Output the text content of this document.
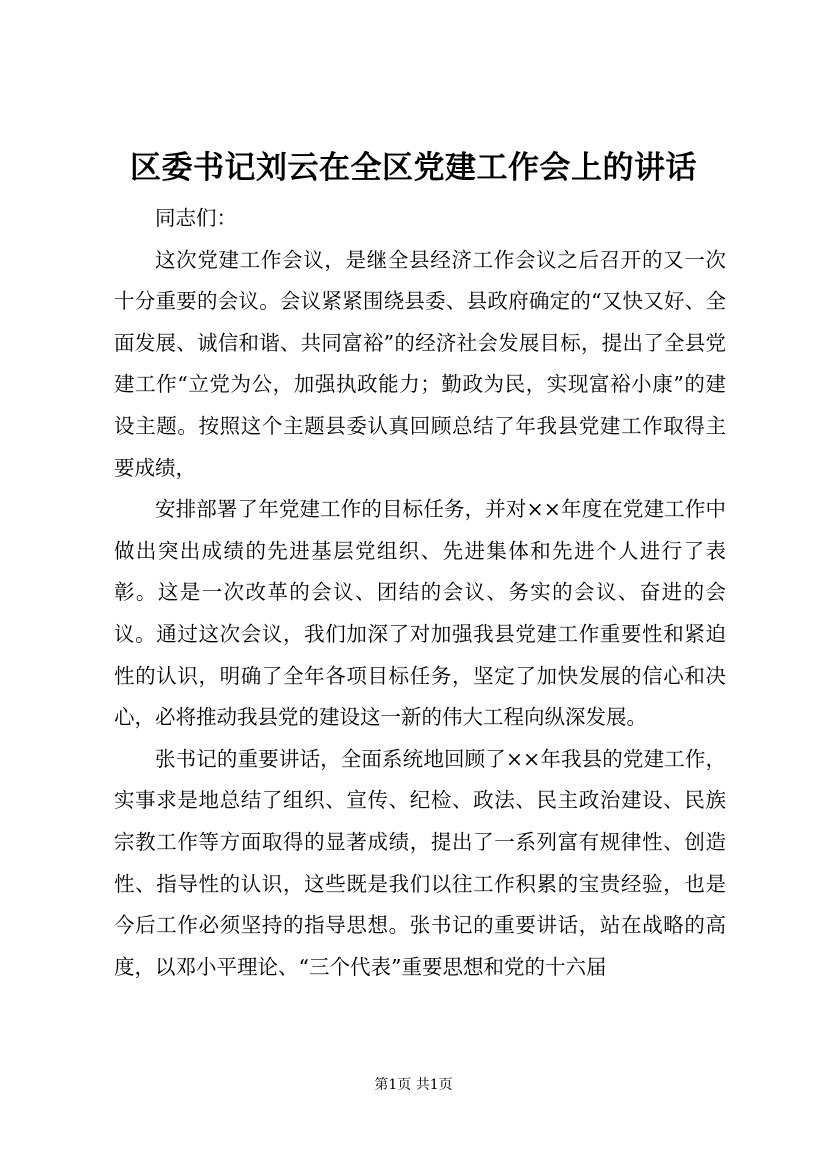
区委书记刘云在全区党建工作会上的讲话

同志们：

这次党建工作会议，是继全县经济工作会议之后召开的又一次十分重要的会议。会议紧紧围绕县委、县政府确定的“又快又好、全面发展、诚信和谐、共同富裕”的经济社会发展目标，提出了全县党建工作“立党为公，加强执政能力；勤政为民，实现富裕小康”的建设主题。按照这个主题县委认真回顾总结了年我县党建工作取得主要成绩，

安排部署了年党建工作的目标任务，并对××年度在党建工作中做出突出成绩的先进基层党组织、先进集体和先进个人进行了表彰。这是一次改革的会议、团结的会议、务实的会议、奋进的会议。通过这次会议，我们加深了对加强我县党建工作重要性和紧迫性的认识，明确了全年各项目标任务，坚定了加快发展的信心和决心，必将推动我县党的建设这一新的伟大工程向纵深发展。

张书记的重要讲话，全面系统地回顾了××年我县的党建工作，实事求是地总结了组织、宣传、纪检、政法、民主政治建设、民族宗教工作等方面取得的显著成绩，提出了一系列富有规律性、创造性、指导性的认识，这些既是我们以往工作积累的宝贵经验，也是今后工作必须坚持的指导思想。张书记的重要讲话，站在战略的高度，以邓小平理论、“三个代表”重要思想和党的十六届

第1页 共1页
